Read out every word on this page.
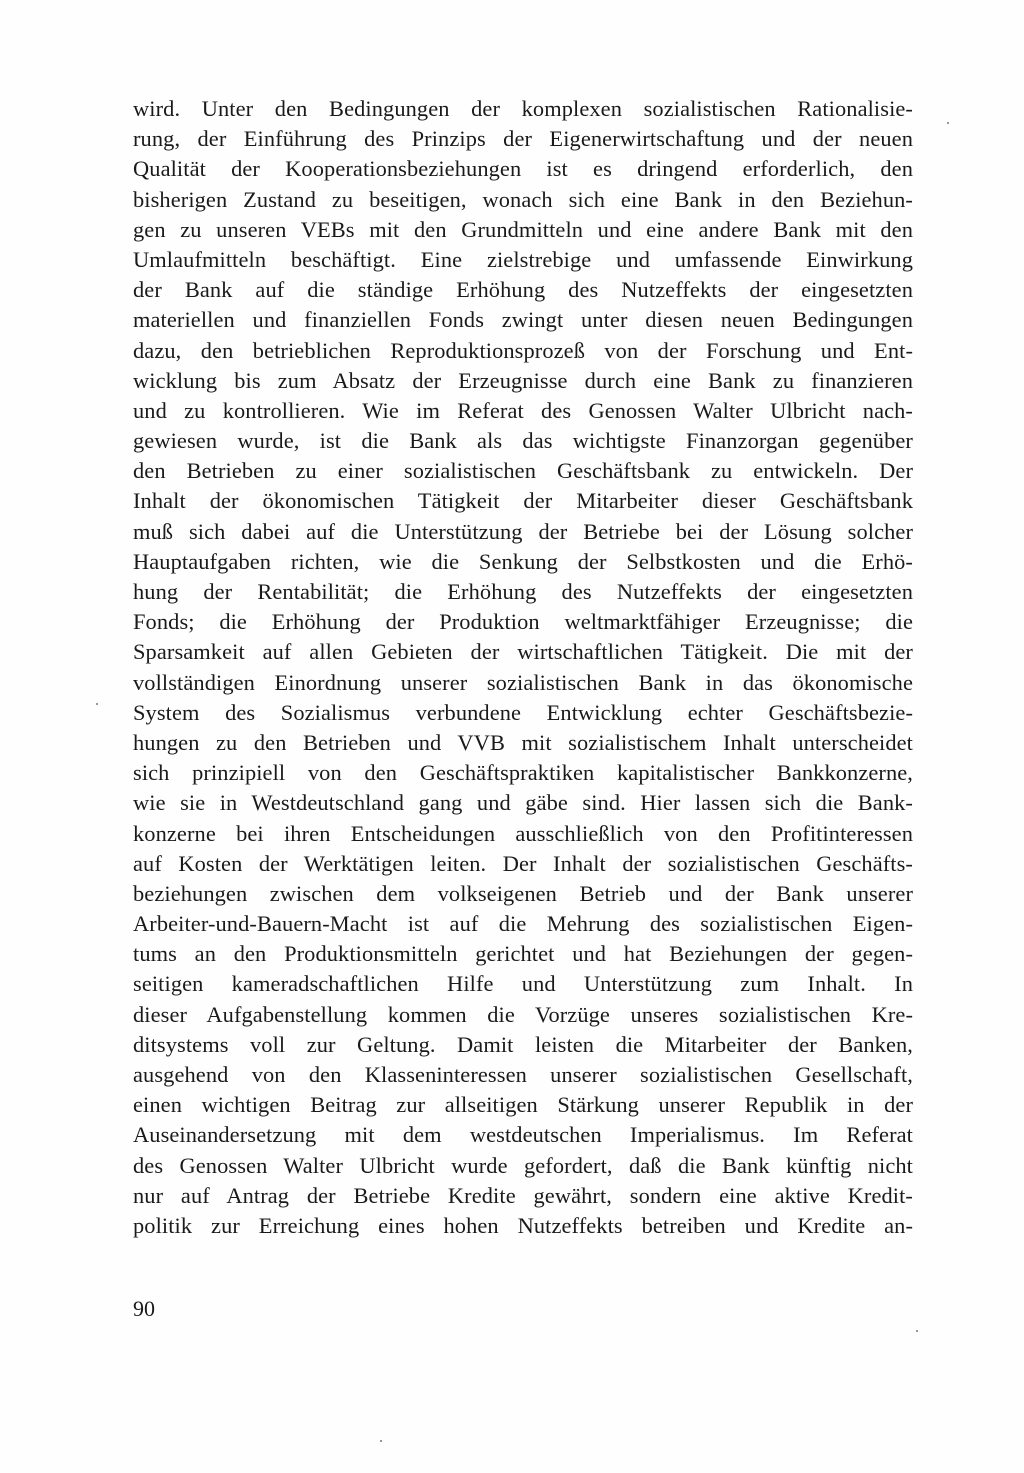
wird. Unter den Bedingungen der komplexen sozialistischen Rationalisie-
rung, der Einführung des Prinzips der Eigenerwirtschaftung und der neuen
Qualität der Kooperationsbeziehungen ist es dringend erforderlich, den
bisherigen Zustand zu beseitigen, wonach sich eine Bank in den Beziehun-
gen zu unseren VEBs mit den Grundmitteln und eine andere Bank mit den
Umlaufmitteln beschäftigt. Eine zielstrebige und umfassende Einwirkung
der Bank auf die ständige Erhöhung des Nutzeffekts der eingesetzten
materiellen und finanziellen Fonds zwingt unter diesen neuen Bedingungen
dazu, den betrieblichen Reproduktionsprozeß von der Forschung und Ent-
wicklung bis zum Absatz der Erzeugnisse durch eine Bank zu finanzieren
und zu kontrollieren. Wie im Referat des Genossen Walter Ulbricht nach-
gewiesen wurde, ist die Bank als das wichtigste Finanzorgan gegenüber
den Betrieben zu einer sozialistischen Geschäftsbank zu entwickeln. Der
Inhalt der ökonomischen Tätigkeit der Mitarbeiter dieser Geschäftsbank
muß sich dabei auf die Unterstützung der Betriebe bei der Lösung solcher
Hauptaufgaben richten, wie die Senkung der Selbstkosten und die Erhö-
hung der Rentabilität; die Erhöhung des Nutzeffekts der eingesetzten
Fonds; die Erhöhung der Produktion weltmarktfähiger Erzeugnisse; die
Sparsamkeit auf allen Gebieten der wirtschaftlichen Tätigkeit. Die mit der
vollständigen Einordnung unserer sozialistischen Bank in das ökonomische
System des Sozialismus verbundene Entwicklung echter Geschäftsbezie-
hungen zu den Betrieben und VVB mit sozialistischem Inhalt unterscheidet
sich prinzipiell von den Geschäftspraktiken kapitalistischer Bankkonzerne,
wie sie in Westdeutschland gang und gäbe sind. Hier lassen sich die Bank-
konzerne bei ihren Entscheidungen ausschließlich von den Profitinteressen
auf Kosten der Werktätigen leiten. Der Inhalt der sozialistischen Geschäfts-
beziehungen zwischen dem volkseigenen Betrieb und der Bank unserer
Arbeiter-und-Bauern-Macht ist auf die Mehrung des sozialistischen Eigen-
tums an den Produktionsmitteln gerichtet und hat Beziehungen der gegen-
seitigen kameradschaftlichen Hilfe und Unterstützung zum Inhalt. In
dieser Aufgabenstellung kommen die Vorzüge unseres sozialistischen Kre-
ditsystems voll zur Geltung. Damit leisten die Mitarbeiter der Banken,
ausgehend von den Klasseninteressen unserer sozialistischen Gesellschaft,
einen wichtigen Beitrag zur allseitigen Stärkung unserer Republik in der
Auseinandersetzung mit dem westdeutschen Imperialismus. Im Referat
des Genossen Walter Ulbricht wurde gefordert, daß die Bank künftig nicht
nur auf Antrag der Betriebe Kredite gewährt, sondern eine aktive Kredit-
politik zur Erreichung eines hohen Nutzeffekts betreiben und Kredite an-
90
